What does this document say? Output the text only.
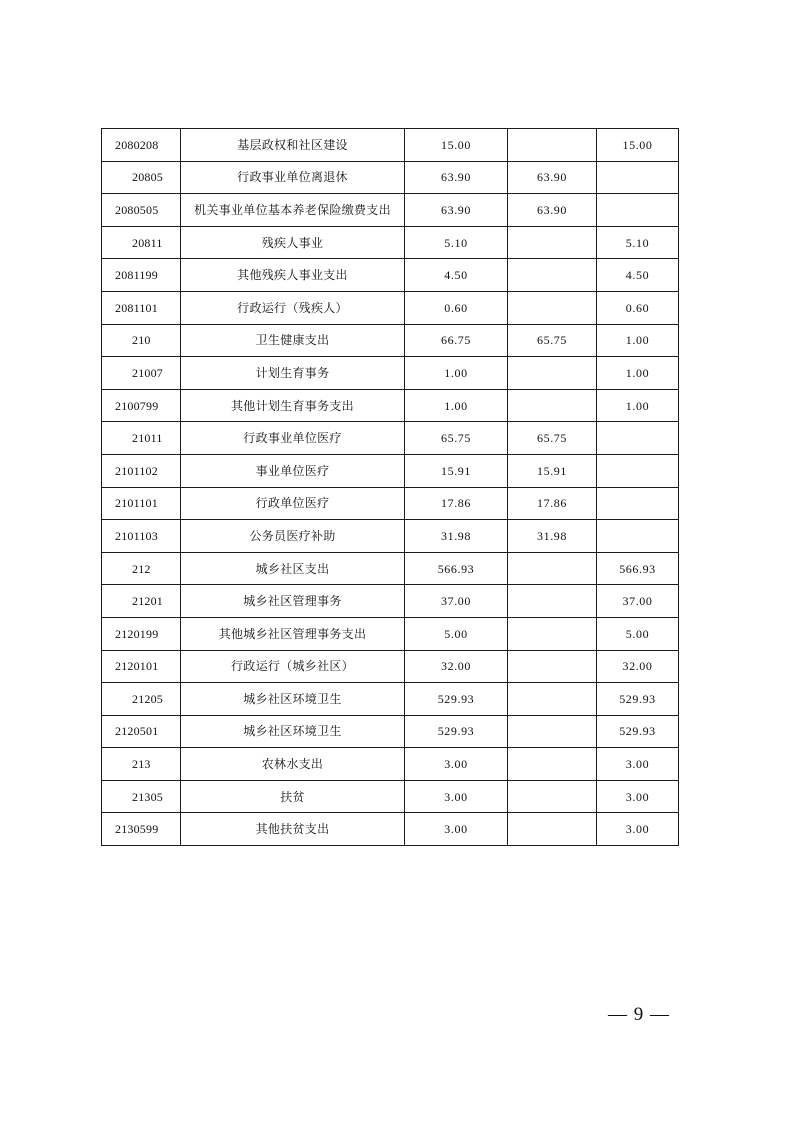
2080208	基层政权和社区建设	15.00		15.00
20805	行政事业单位离退休	63.90	63.90	
2080505	机关事业单位基本养老保险缴费支出	63.90	63.90	
20811	残疾人事业	5.10		5.10
2081199	其他残疾人事业支出	4.50		4.50
2081101	行政运行（残疾人）	0.60		0.60
210	卫生健康支出	66.75	65.75	1.00
21007	计划生育事务	1.00		1.00
2100799	其他计划生育事务支出	1.00		1.00
21011	行政事业单位医疗	65.75	65.75	
2101102	事业单位医疗	15.91	15.91	
2101101	行政单位医疗	17.86	17.86	
2101103	公务员医疗补助	31.98	31.98	
212	城乡社区支出	566.93		566.93
21201	城乡社区管理事务	37.00		37.00
2120199	其他城乡社区管理事务支出	5.00		5.00
2120101	行政运行（城乡社区）	32.00		32.00
21205	城乡社区环境卫生	529.93		529.93
2120501	城乡社区环境卫生	529.93		529.93
213	农林水支出	3.00		3.00
21305	扶贫	3.00		3.00
2130599	其他扶贫支出	3.00		3.00
— 9 —
